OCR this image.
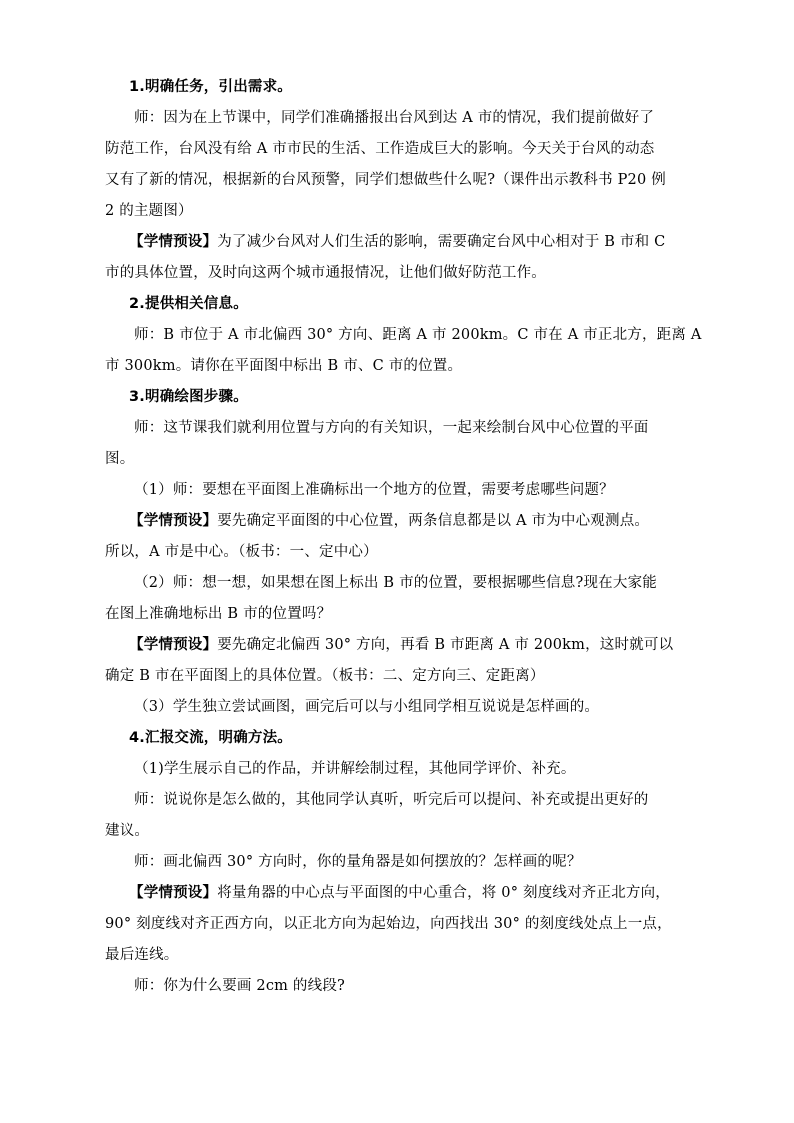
1.明确任务，引出需求。
师：因为在上节课中，同学们准确播报出台风到达 A 市的情况，我们提前做好了
防范工作，台风没有给 A 市市民的生活、工作造成巨大的影响。今天关于台风的动态
又有了新的情况，根据新的台风预警，同学们想做些什么呢?（课件出示教科书 P20 例
2 的主题图）
【学情预设】为了减少台风对人们生活的影响，需要确定台风中心相对于 B 市和 C
市的具体位置，及时向这两个城市通报情况，让他们做好防范工作。
2.提供相关信息。
师：B 市位于 A 市北偏西 30° 方向、距离 A 市 200km。C 市在 A 市正北方，距离 A
市 300km。请你在平面图中标出 B 市、C 市的位置。
3.明确绘图步骤。
师：这节课我们就利用位置与方向的有关知识，一起来绘制台风中心位置的平面
图。
（1）师：要想在平面图上准确标出一个地方的位置，需要考虑哪些问题？
【学情预设】要先确定平面图的中心位置，两条信息都是以 A 市为中心观测点。
所以，A 市是中心。（板书：一、定中心）
（2）师：想一想，如果想在图上标出 B 市的位置，要根据哪些信息?现在大家能
在图上准确地标出 B 市的位置吗？
【学情预设】要先确定北偏西 30° 方向，再看 B 市距离 A 市 200km，这时就可以
确定 B 市在平面图上的具体位置。（板书：二、定方向三、定距离）
（3）学生独立尝试画图，画完后可以与小组同学相互说说是怎样画的。
4.汇报交流，明确方法。
（1)学生展示自己的作品，并讲解绘制过程，其他同学评价、补充。
师：说说你是怎么做的，其他同学认真听，听完后可以提问、补充或提出更好的
建议。
师：画北偏西 30° 方向时，你的量角器是如何摆放的？怎样画的呢？
【学情预设】将量角器的中心点与平面图的中心重合，将 0° 刻度线对齐正北方向，
90° 刻度线对齐正西方向，以正北方向为起始边，向西找出 30° 的刻度线处点上一点，
最后连线。
师：你为什么要画 2cm 的线段?
